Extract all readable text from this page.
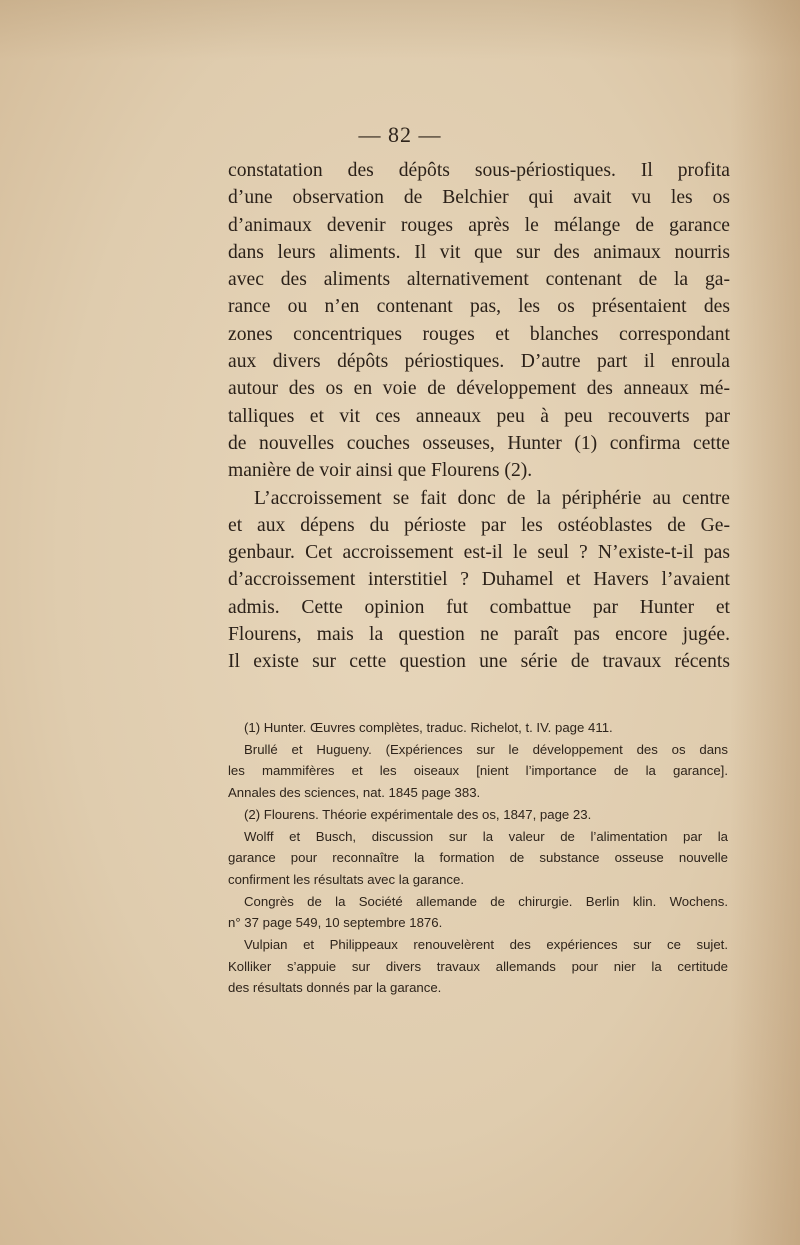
— 82 —
constatation des dépôts sous-périostiques. Il profita
d’une observation de Belchier qui avait vu les os
d’animaux devenir rouges après le mélange de garance
dans leurs aliments. Il vit que sur des animaux nourris
avec des aliments alternativement contenant de la ga-
rance ou n’en contenant pas, les os présentaient des
zones concentriques rouges et blanches correspondant
aux divers dépôts périostiques. D’autre part il enroula
autour des os en voie de développement des anneaux mé-
talliques et vit ces anneaux peu à peu recouverts par
de nouvelles couches osseuses, Hunter (1) confirma cette
manière de voir ainsi que Flourens (2).
L’accroissement se fait donc de la périphérie au centre
et aux dépens du périoste par les ostéoblastes de Ge-
genbaur. Cet accroissement est-il le seul ? N’existe-t-il pas
d’accroissement interstitiel ? Duhamel et Havers l’avaient
admis. Cette opinion fut combattue par Hunter et
Flourens, mais la question ne paraît pas encore jugée.
Il existe sur cette question une série de travaux récents
(1) Hunter. Œuvres complètes, traduc. Richelot, t. IV. page 411.
Brullé et Hugueny. (Expériences sur le développement des os dans
les mammifères et les oiseaux [nient l’importance de la garance].
Annales des sciences, nat. 1845 page 383.
(2) Flourens. Théorie expérimentale des os, 1847, page 23.
Wolff et Busch, discussion sur la valeur de l’alimentation par la
garance pour reconnaître la formation de substance osseuse nouvelle
confirment les résultats avec la garance.
Congrès de la Société allemande de chirurgie. Berlin klin. Wochens.
n° 37 page 549, 10 septembre 1876.
Vulpian et Philippeaux renouvelèrent des expériences sur ce sujet.
Kolliker s’appuie sur divers travaux allemands pour nier la certitude
des résultats donnés par la garance.
